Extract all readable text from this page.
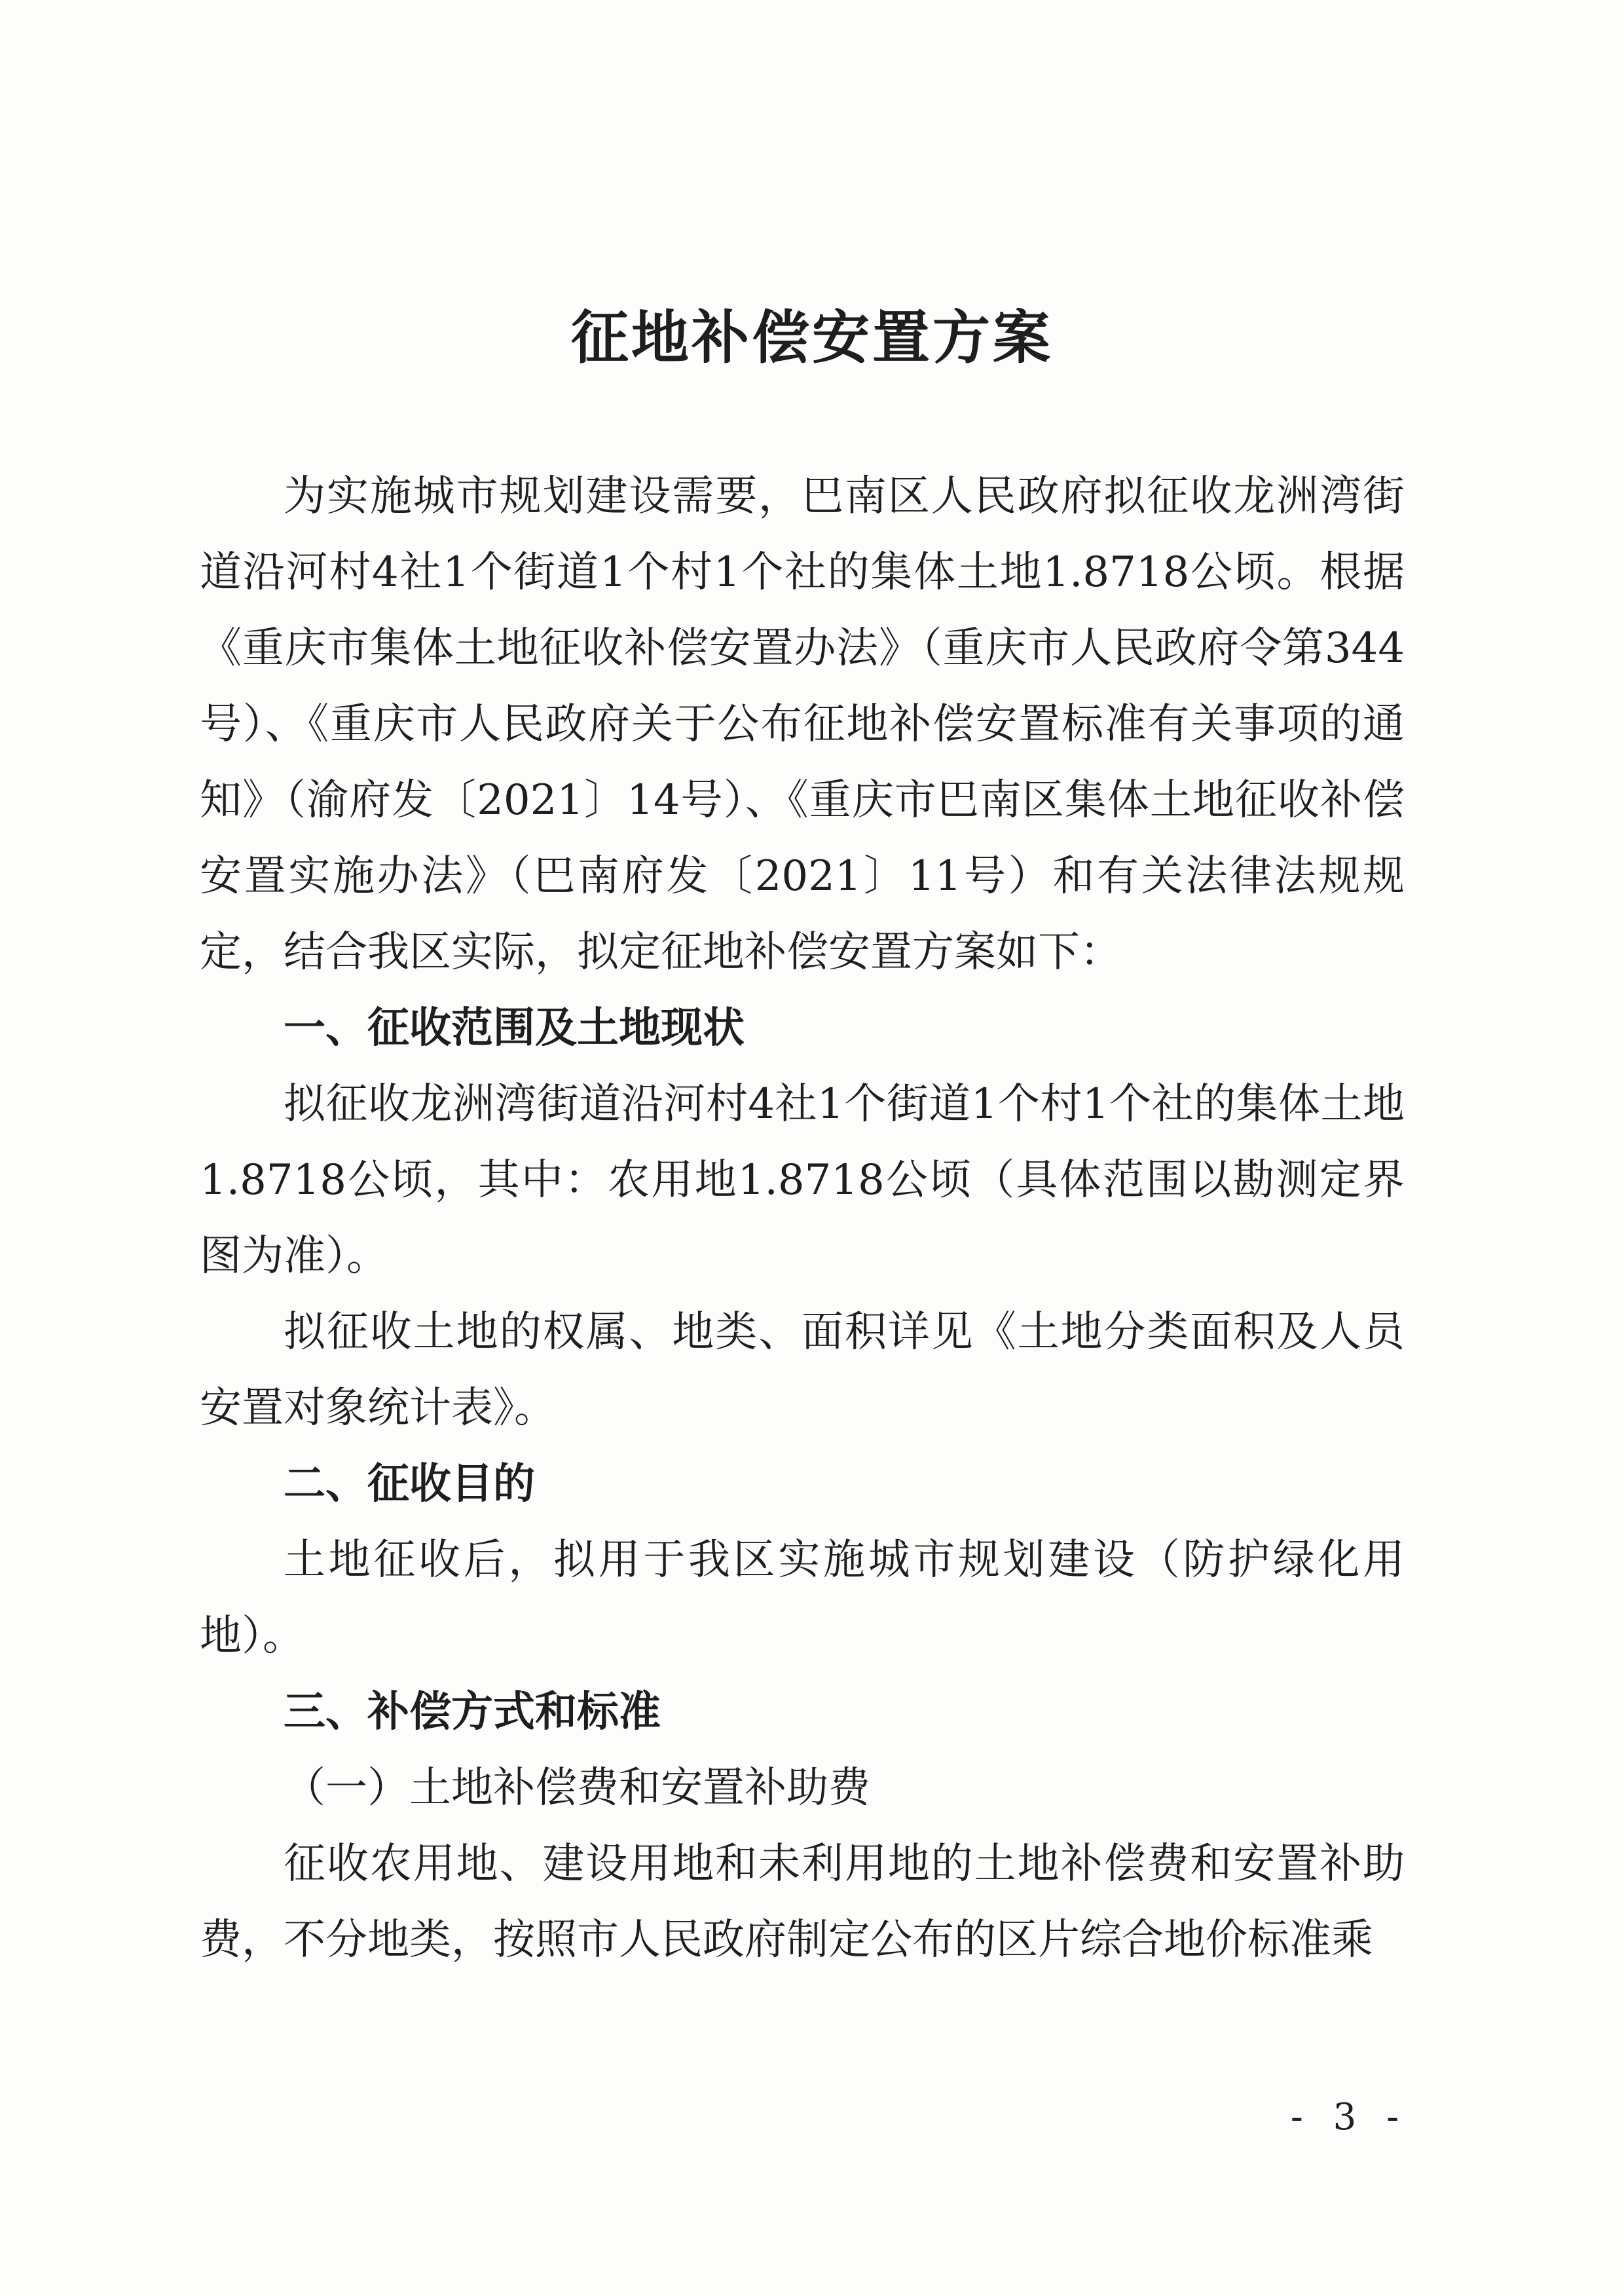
征地补偿安置方案

为实施城市规划建设需要，巴南区人民政府拟征收龙洲湾街道沿河村4社1个街道1个村1个社的集体土地1.8718公顷。根据《重庆市集体土地征收补偿安置办法》（重庆市人民政府令第344号）、《重庆市人民政府关于公布征地补偿安置标准有关事项的通知》（渝府发〔2021〕14号）、《重庆市巴南区集体土地征收补偿安置实施办法》（巴南府发〔2021〕11号）和有关法律法规规定，结合我区实际，拟定征地补偿安置方案如下：

一、征收范围及土地现状

拟征收龙洲湾街道沿河村4社1个街道1个村1个社的集体土地1.8718公顷，其中：农用地1.8718公顷（具体范围以勘测定界图为准）。

拟征收土地的权属、地类、面积详见《土地分类面积及人员安置对象统计表》。

二、征收目的

土地征收后，拟用于我区实施城市规划建设（防护绿化用地）。

三、补偿方式和标准

（一）土地补偿费和安置补助费

征收农用地、建设用地和未利用地的土地补偿费和安置补助费，不分地类，按照市人民政府制定公布的区片综合地价标准乘

- 3 -
